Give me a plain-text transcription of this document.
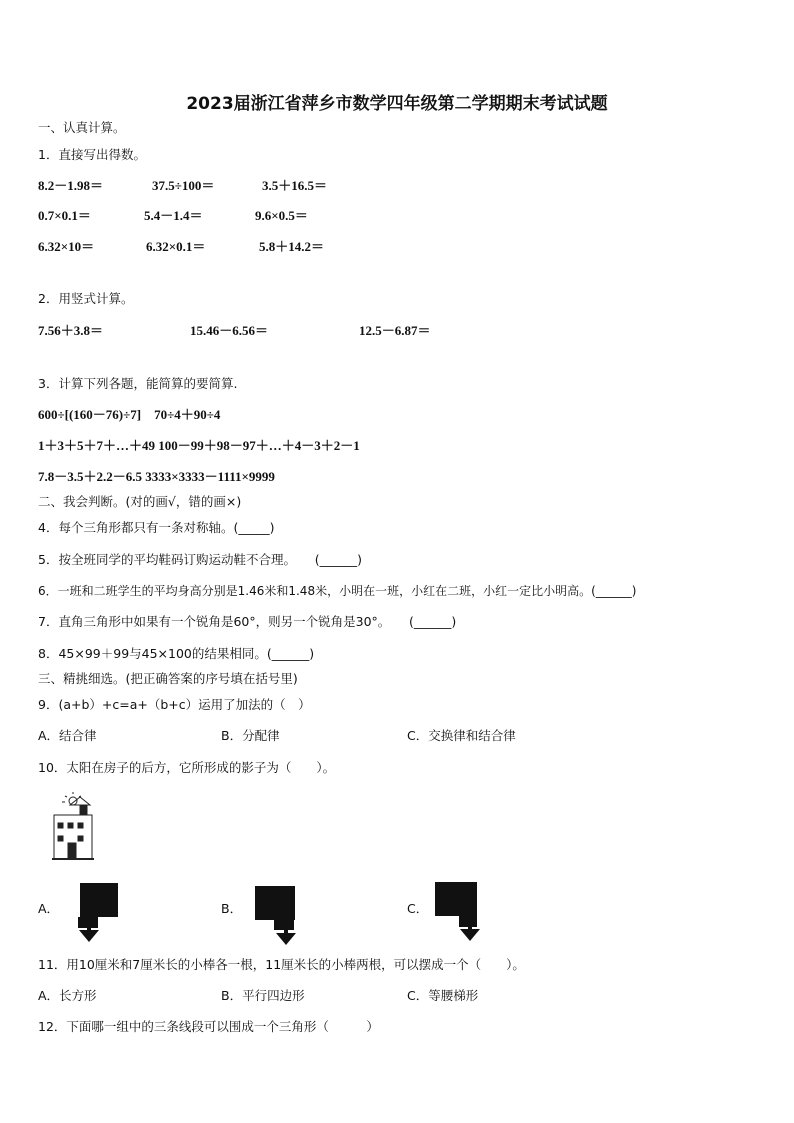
2023届浙江省萍乡市数学四年级第二学期期末考试试题
一、认真计算。
1．直接写出得数。
8.2－1.98＝	37.5÷100＝	3.5＋16.5＝
0.7×0.1＝	5.4－1.4＝	9.6×0.5＝
6.32×10＝	6.32×0.1＝	5.8＋14.2＝
2．用竖式计算。
7.56＋3.8＝	15.46－6.56＝	12.5－6.87＝
3．计算下列各题，能简算的要简算.
600÷[(160－76)÷7]　70÷4＋90÷4
1＋3＋5＋7＋…＋49 100－99＋98－97＋…＋4－3＋2－1
7.8－3.5＋2.2－6.5 3333×3333－1111×9999
二、我会判断。(对的画√，错的画×)
4．每个三角形都只有一条对称轴。(_____)
5．按全班同学的平均鞋码订购运动鞋不合理。　　(______)
6．一班和二班学生的平均身高分别是1.46米和1.48米，小明在一班，小红在二班，小红一定比小明高。(______)
7．直角三角形中如果有一个锐角是60°，则另一个锐角是30°。　　(______)
8．45×99＋99与45×100的结果相同。(______)
三、精挑细选。(把正确答案的序号填在括号里)
9．(a+b）+c=a+（b+c）运用了加法的（　）
A．结合律	B．分配律	C．交换律和结合律
10．太阳在房子的后方，它所形成的影子为（　　）。
A．	B．	C．
11．用10厘米和7厘米长的小棒各一根，11厘米长的小棒两根，可以摆成一个（　　）。
A．长方形	B．平行四边形	C．等腰梯形
12．下面哪一组中的三条线段可以围成一个三角形（　　　）
